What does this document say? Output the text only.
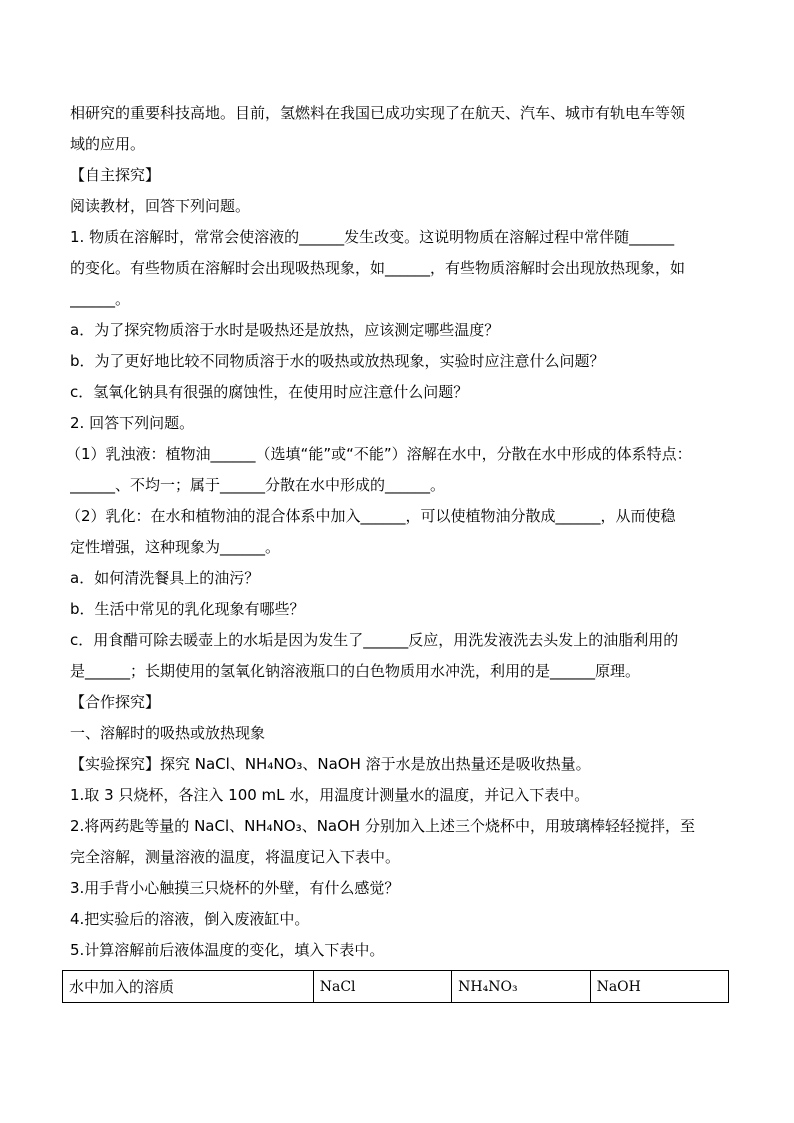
相研究的重要科技高地。目前，氢燃料在我国已成功实现了在航天、汽车、城市有轨电车等领
域的应用。
【自主探究】
阅读教材，回答下列问题。
1. 物质在溶解时，常常会使溶液的______发生改变。这说明物质在溶解过程中常伴随______
的变化。有些物质在溶解时会出现吸热现象，如______，有些物质溶解时会出现放热现象，如
______。
a．为了探究物质溶于水时是吸热还是放热，应该测定哪些温度？
b．为了更好地比较不同物质溶于水的吸热或放热现象，实验时应注意什么问题？
c．氢氧化钠具有很强的腐蚀性，在使用时应注意什么问题？
2. 回答下列问题。
（1）乳浊液：植物油______（选填“能”或“不能”）溶解在水中，分散在水中形成的体系特点：
______、不均一；属于______分散在水中形成的______。
（2）乳化：在水和植物油的混合体系中加入______，可以使植物油分散成______，从而使稳
定性增强，这种现象为______。
a．如何清洗餐具上的油污？
b．生活中常见的乳化现象有哪些？
c．用食醋可除去暖壶上的水垢是因为发生了______反应，用洗发液洗去头发上的油脂利用的
是______；长期使用的氢氧化钠溶液瓶口的白色物质用水冲洗，利用的是______原理。
【合作探究】
一、溶解时的吸热或放热现象
【实验探究】探究 NaCl、NH₄NO₃、NaOH 溶于水是放出热量还是吸收热量。
1.取 3 只烧杯，各注入 100 mL 水，用温度计测量水的温度，并记入下表中。
2.将两药匙等量的 NaCl、NH₄NO₃、NaOH 分别加入上述三个烧杯中，用玻璃棒轻轻搅拌，至
完全溶解，测量溶液的温度，将温度记入下表中。
3.用手背小心触摸三只烧杯的外壁，有什么感觉？
4.把实验后的溶液，倒入废液缸中。
5.计算溶解前后液体温度的变化，填入下表中。
水中加入的溶质	NaCl	NH₄NO₃	NaOH
